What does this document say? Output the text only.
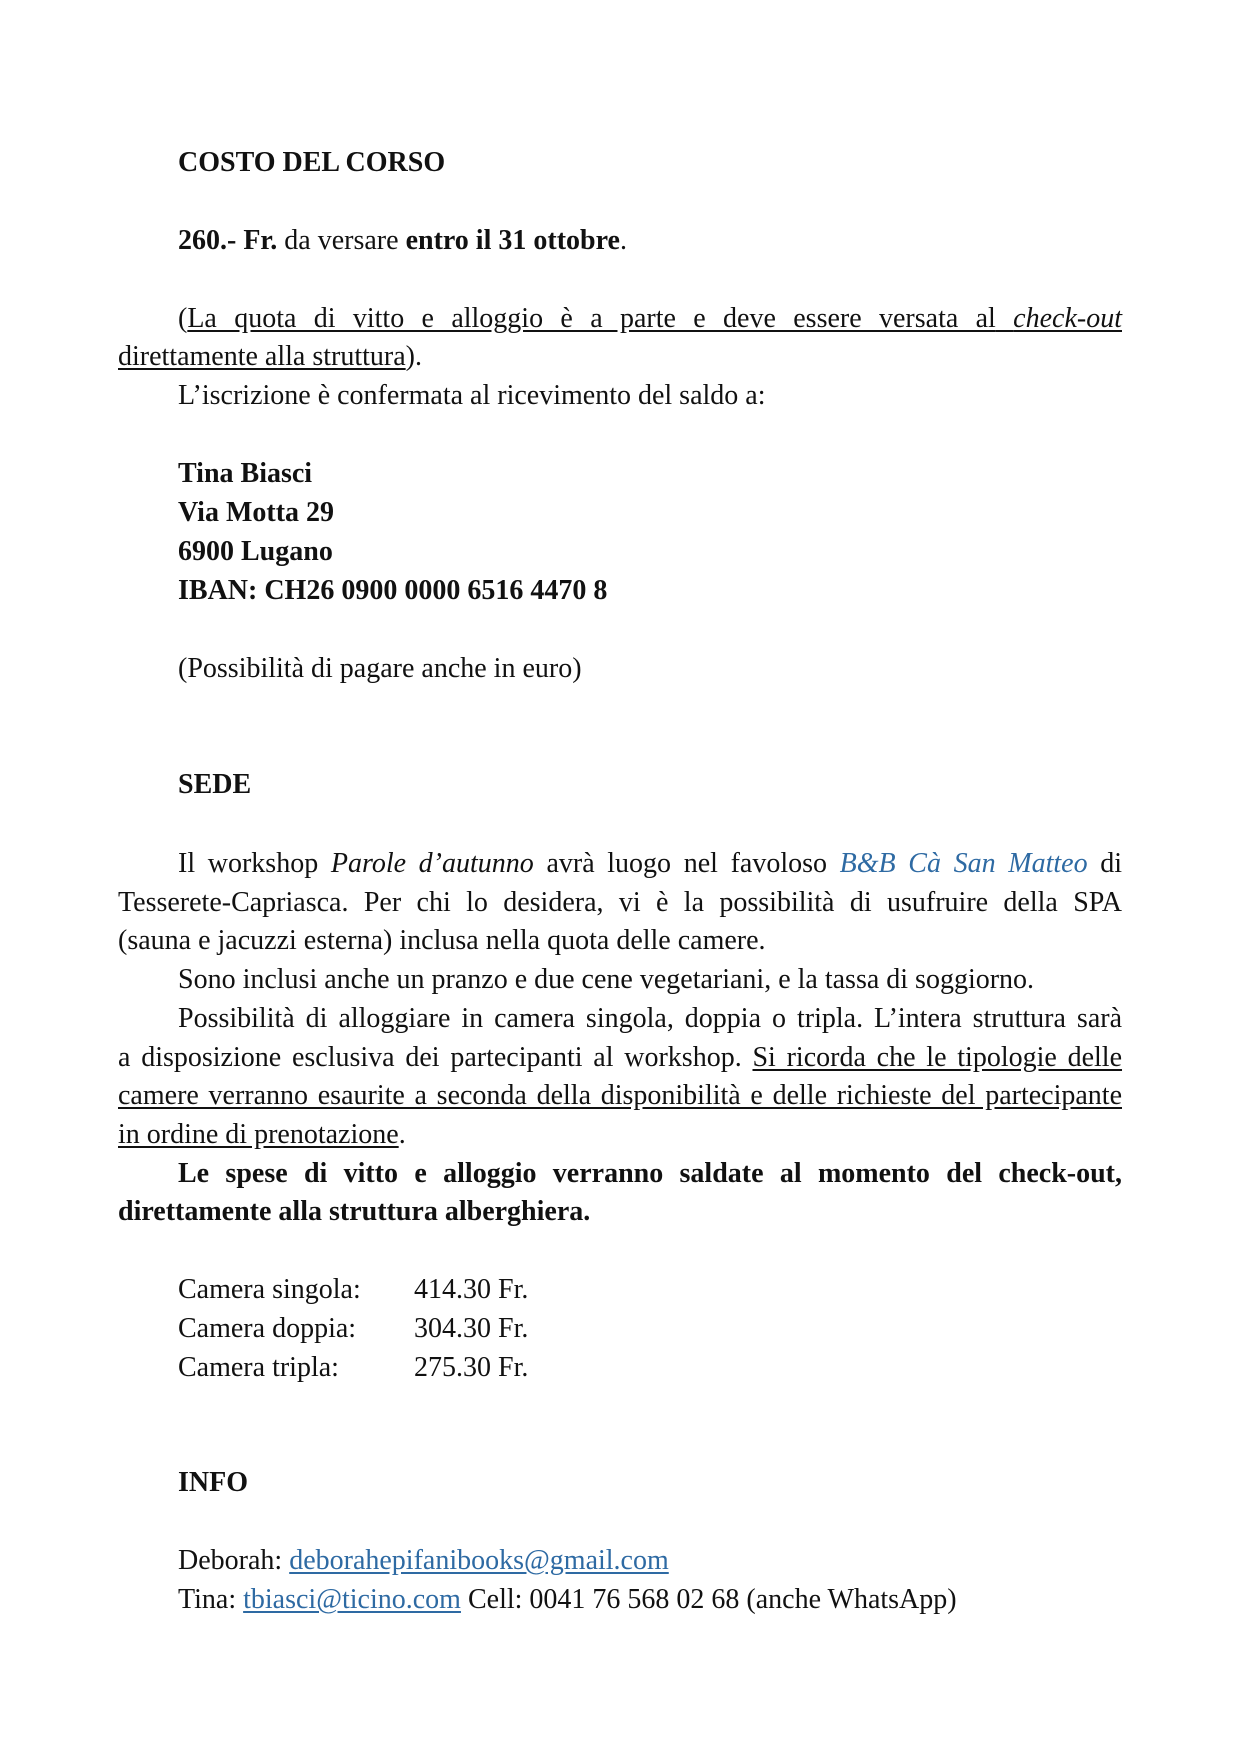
COSTO DEL CORSO
260.- Fr. da versare entro il 31 ottobre.
(La quota di vitto e alloggio è a parte e deve essere versata al check-out
direttamente alla struttura).
L’iscrizione è confermata al ricevimento del saldo a:
Tina Biasci
Via Motta 29
6900 Lugano
IBAN: CH26 0900 0000 6516 4470 8
(Possibilità di pagare anche in euro)
SEDE
Il workshop Parole d’autunno avrà luogo nel favoloso B&B Cà San Matteo di
Tesserete-Capriasca. Per chi lo desidera, vi è la possibilità di usufruire della SPA
(sauna e jacuzzi esterna) inclusa nella quota delle camere.
Sono inclusi anche un pranzo e due cene vegetariani, e la tassa di soggiorno.
Possibilità di alloggiare in camera singola, doppia o tripla. L’intera struttura sarà
a disposizione esclusiva dei partecipanti al workshop. Si ricorda che le tipologie delle
camere verranno esaurite a seconda della disponibilità e delle richieste del partecipante
in ordine di prenotazione.
Le spese di vitto e alloggio verranno saldate al momento del check-out,
direttamente alla struttura alberghiera.
Camera singola: 414.30 Fr.
Camera doppia: 304.30 Fr.
Camera tripla:	275.30 Fr.
INFO
Deborah: deborahepifanibooks@gmail.com
Tina: tbiasci@ticino.com Cell: 0041 76 568 02 68 (anche WhatsApp)
